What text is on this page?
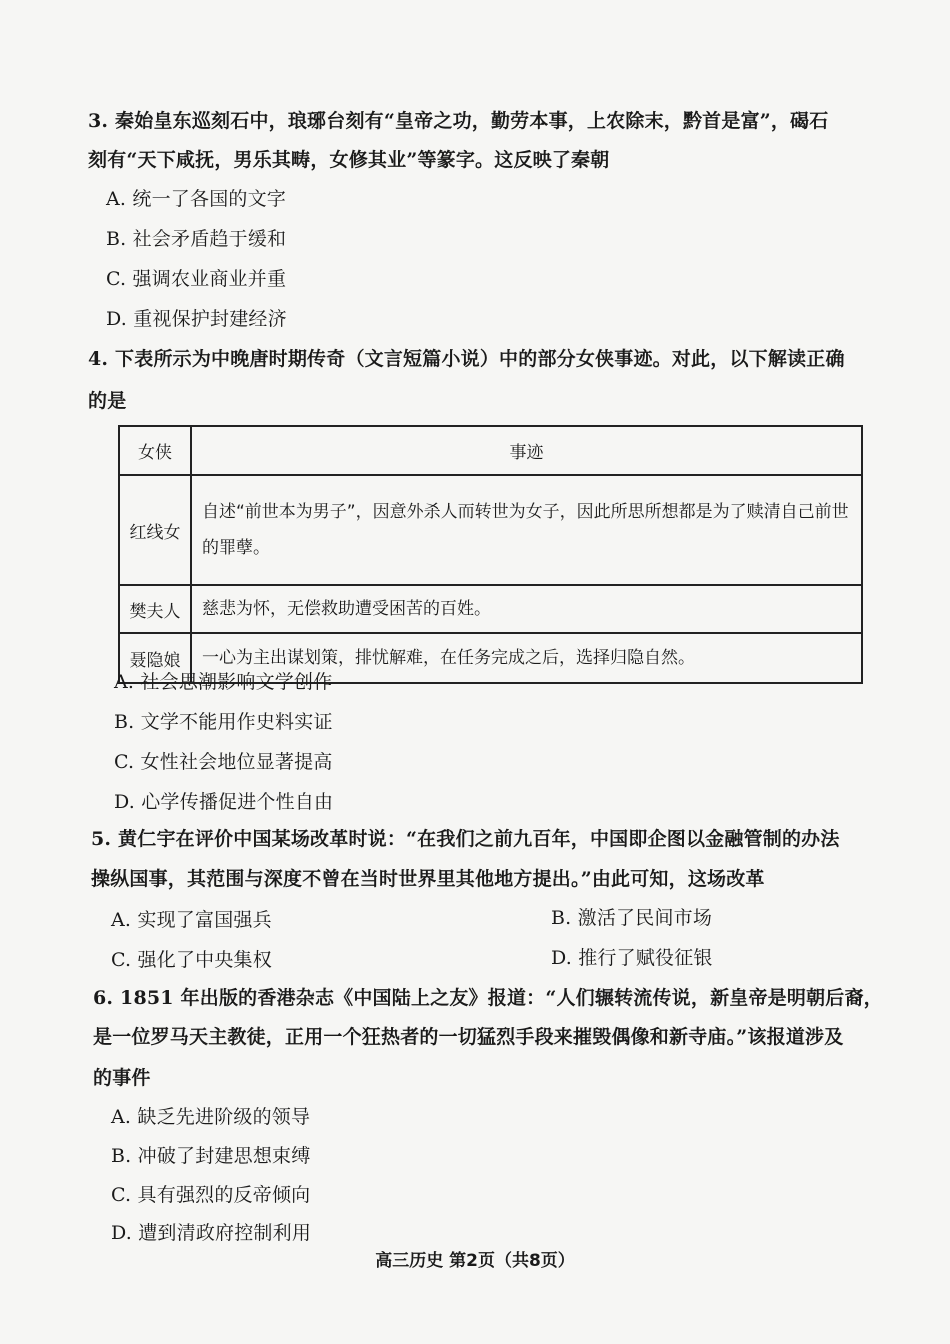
3. 秦始皇东巡刻石中，琅琊台刻有“皇帝之功，勤劳本事，上农除末，黔首是富”，碣石
刻有“天下咸抚，男乐其畴，女修其业”等篆字。这反映了秦朝
A. 统一了各国的文字
B. 社会矛盾趋于缓和
C. 强调农业商业并重
D. 重视保护封建经济
4. 下表所示为中晚唐时期传奇（文言短篇小说）中的部分女侠事迹。对此，以下解读正确
的是
女侠	事迹
红线女	自述“前世本为男子”，因意外杀人而转世为女子，因此所思所想都是为了赎清自己前世的罪孽。
樊夫人	慈悲为怀，无偿救助遭受困苦的百姓。
聂隐娘	一心为主出谋划策，排忧解难，在任务完成之后，选择归隐自然。
A. 社会思潮影响文学创作
B. 文学不能用作史料实证
C. 女性社会地位显著提高
D. 心学传播促进个性自由
5. 黄仁宇在评价中国某场改革时说：“在我们之前九百年，中国即企图以金融管制的办法
操纵国事，其范围与深度不曾在当时世界里其他地方提出。”由此可知，这场改革
A. 实现了富国强兵	B. 激活了民间市场
C. 强化了中央集权	D. 推行了赋役征银
6. 1851 年出版的香港杂志《中国陆上之友》报道：“人们辗转流传说，新皇帝是明朝后裔，
是一位罗马天主教徒，正用一个狂热者的一切猛烈手段来摧毁偶像和新寺庙。”该报道涉及
的事件
A. 缺乏先进阶级的领导
B. 冲破了封建思想束缚
C. 具有强烈的反帝倾向
D. 遭到清政府控制利用
高三历史 第2页（共8页）
